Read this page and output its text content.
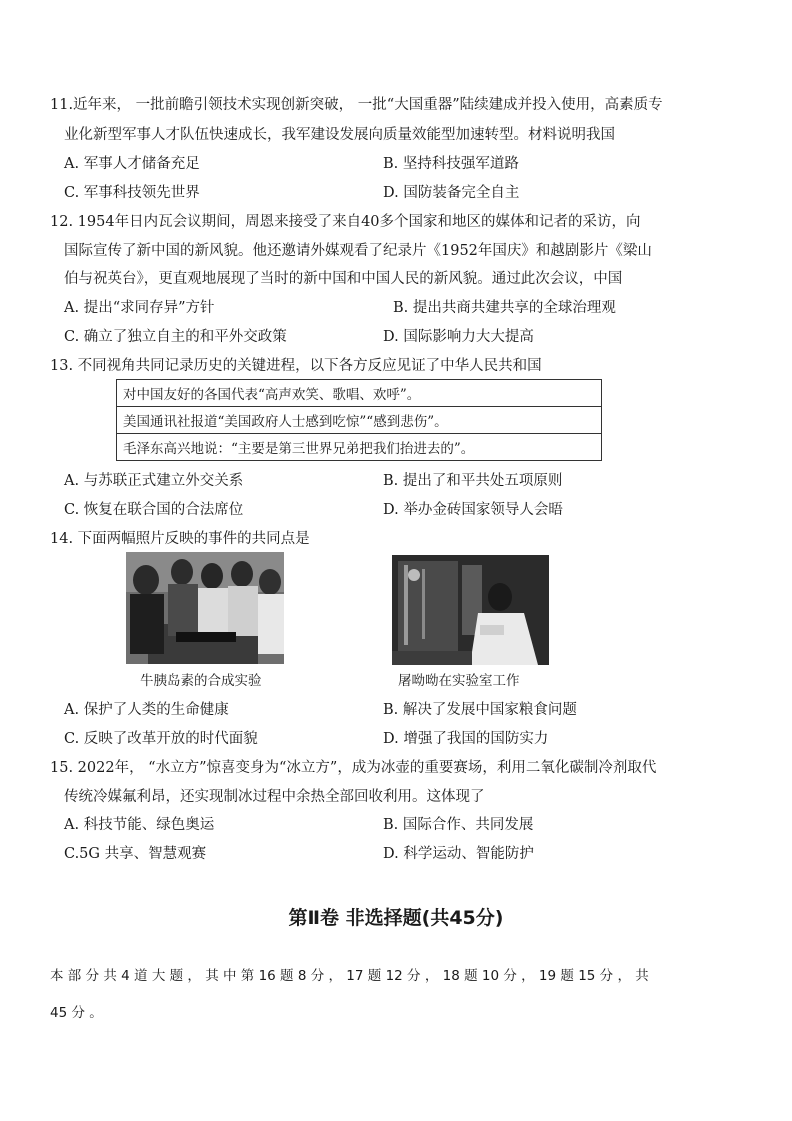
11.近年来， 一批前瞻引领技术实现创新突破， 一批“大国重器”陆续建成并投入使用，高素质专
业化新型军事人才队伍快速成长，我军建设发展向质量效能型加速转型。材料说明我国
A. 军事人才储备充足	B. 坚持科技强军道路
C. 军事科技领先世界	D. 国防装备完全自主
12. 1954年日内瓦会议期间，周恩来接受了来自40多个国家和地区的媒体和记者的采访，向
国际宣传了新中国的新风貌。他还邀请外媒观看了纪录片《1952年国庆》和越剧影片《梁山
伯与祝英台》，更直观地展现了当时的新中国和中国人民的新风貌。通过此次会议，中国
A. 提出“求同存异”方针	B. 提出共商共建共享的全球治理观
C. 确立了独立自主的和平外交政策	D. 国际影响力大大提高
13. 不同视角共同记录历史的关键进程，以下各方反应见证了中华人民共和国
对中国友好的各国代表“高声欢笑、歌唱、欢呼”。
美国通讯社报道“美国政府人士感到吃惊”“感到悲伤”。
毛泽东高兴地说：“主要是第三世界兄弟把我们抬进去的”。
A. 与苏联正式建立外交关系	B. 提出了和平共处五项原则
C. 恢复在联合国的合法席位	D. 举办金砖国家领导人会晤
14. 下面两幅照片反映的事件的共同点是
牛胰岛素的合成实验	屠呦呦在实验室工作
A. 保护了人类的生命健康	B. 解决了发展中国家粮食问题
C. 反映了改革开放的时代面貌	D. 增强了我国的国防实力
15. 2022年， “水立方”惊喜变身为“冰立方”，成为冰壶的重要赛场，利用二氧化碳制冷剂取代
传统冷媒氟利昂，还实现制冰过程中余热全部回收利用。这体现了
A. 科技节能、绿色奥运	B. 国际合作、共同发展
C.5G 共享、智慧观赛	D. 科学运动、智能防护
第Ⅱ卷 非选择题(共45分)
本 部 分 共 4 道 大 题 ， 其 中 第 16 题 8 分 ， 17 题 12 分 ， 18 题 10 分 ， 19 题 15 分 ， 共
45 分 。
